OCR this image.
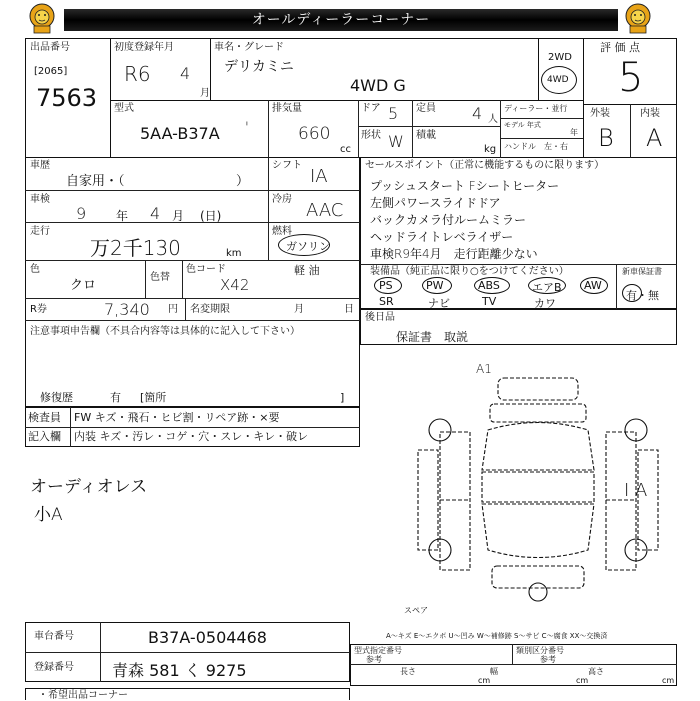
オールディーラーコーナー
出品番号
[2065]
7563
初度登録年月
R6 4
月
車名・グレード
デリカミニ
4WD G
2WD
4WD
評 価 点
5
外装	内装
B A
型式
5AA-B37A '
排気量
660
cc
ドア 5 定員 4 人
形状 W 積載
kg
ディーラー・並行
モデル 年式
年
ハンドル 左・右
車歴
自家用・（	）
シフト
IA
車検
9 年 4 月 (日)
冷房
AAC
走行
万2千130	km
燃料
ガソリン
軽 油
色
クロ
色替
色コード
X42
R券	7,340 円 名変期限	月	日
注意事項申告欄（不具合内容等は具体的に記入して下さい）
修復歴	有 [箇所	]
セールスポイント（正常に機能するものに限ります）
プッシュスタート Fシートヒーター
左側パワースライドドア
バックカメラ付ルームミラー
ヘッドライトレベライザー
車検R9年4月　走行距離少ない
装備品（純正品に限り○をつけてください）
PS	PW	ABS	エアB AW
SR	ナビ	TV	カワ
新車保証書
有・無
後日品
保証書　取説
検査員
記入欄
FW キズ・飛石・ヒビ割・リペア跡・×要
内装 キズ・汚レ・コゲ・穴・スレ・キレ・破レ
オーディオレス
小A
A1
I A
スペア
車台番号	B37A-0504468
登録番号 青森 581 く 9275
A～キズ E～エクボ U～凹み W～補修跡 S～サビ C～腐食 XX～交換済
型式指定番号
参考
類別区分番号
参考
長さ	幅	高さ
cm	cm	cm
・希望出品コーナー
